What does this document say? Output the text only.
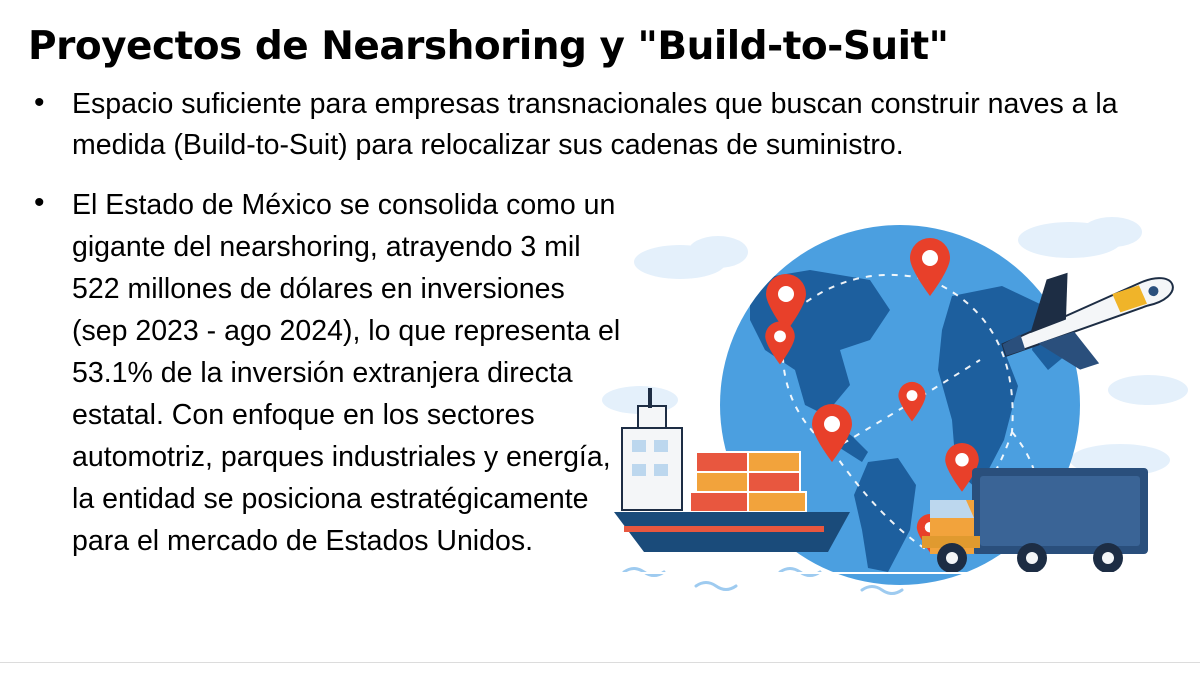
Proyectos de Nearshoring y "Build-to-Suit"
• Espacio suficiente para empresas transnacionales que buscan construir naves a la medida (Build-to-Suit) para relocalizar sus cadenas de suministro.
• El Estado de México se consolida como un gigante del nearshoring, atrayendo 3 mil 522 millones de dólares en inversiones (sep 2023 - ago 2024), lo que representa el 53.1% de la inversión extranjera directa estatal. Con enfoque en los sectores automotriz, parques industriales y energía, la entidad se posiciona estratégicamente para el mercado de Estados Unidos.
